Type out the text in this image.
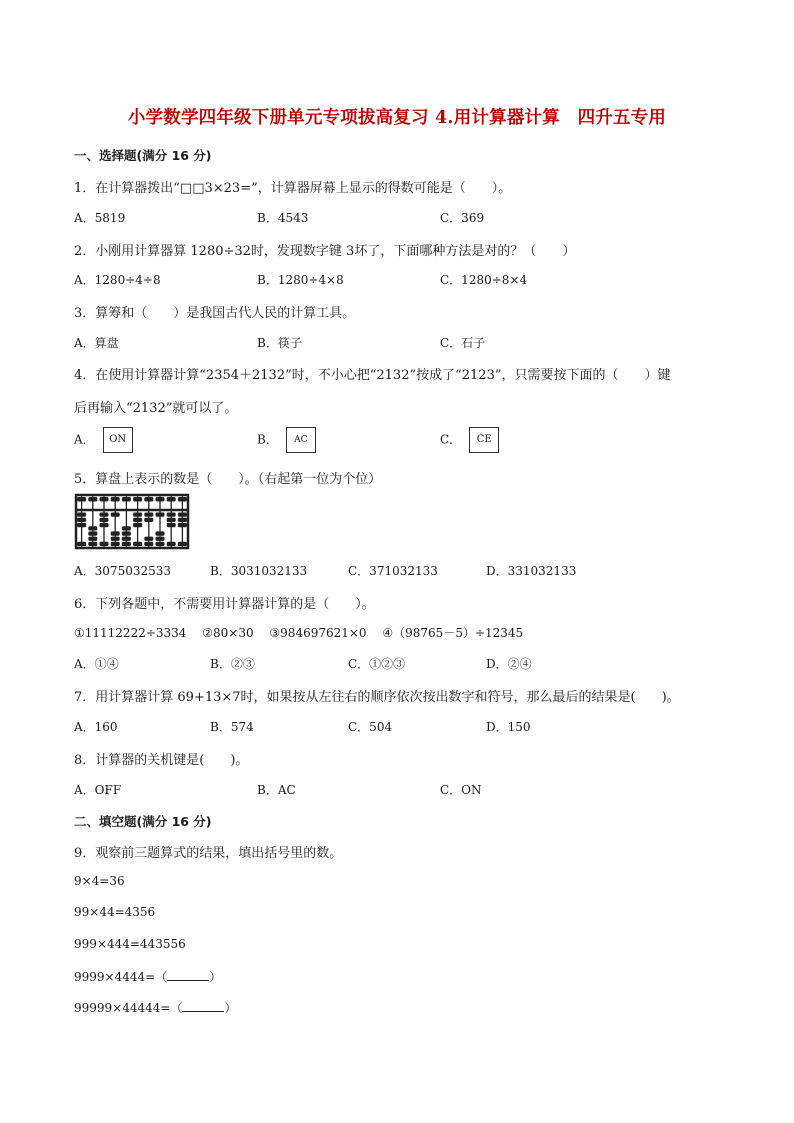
小学数学四年级下册单元专项拔高复习 4.用计算器计算　四升五专用
一、选择题(满分 16 分)
1．在计算器拨出“□□3×23=”，计算器屏幕上显示的得数可能是（　　）。
A．5819	B．4543	C．369
2．小刚用计算器算 1280÷32时，发现数字键 3坏了，下面哪种方法是对的？（　　）
A．1280÷4÷8	B．1280÷4×8	C．1280÷8×4
3．算筹和（　　）是我国古代人民的计算工具。
A．算盘	B．筷子	C．石子
4．在使用计算器计算“2354＋2132”时，不小心把“2132”按成了“2123”，只需要按下面的（　　）键
后再输入“2132”就可以了。
A． ON	B． AC	C． CE
5．算盘上表示的数是（　　）。（右起第一位为个位）
A．3075032533	B．3031032133	C．371032133	D．331032133
6．下列各题中，不需要用计算器计算的是（　　）。
①11112222÷3334　 ②80×30　 ③984697621×0　 ④（98765－5）÷12345
A．①④	B．②③	C．①②③	D．②④
7．用计算器计算 69+13×7时，如果按从左往右的顺序依次按出数字和符号，那么最后的结果是(　　)。
A．160	B．574	C．504	D．150
8．计算器的关机键是(　　)。
A．OFF	B．AC	C．ON
二、填空题(满分 16 分)
9．观察前三题算式的结果，填出括号里的数。
9×4=36
99×44=4356
999×444=443556
9999×4444=（	）
99999×44444=（	）
